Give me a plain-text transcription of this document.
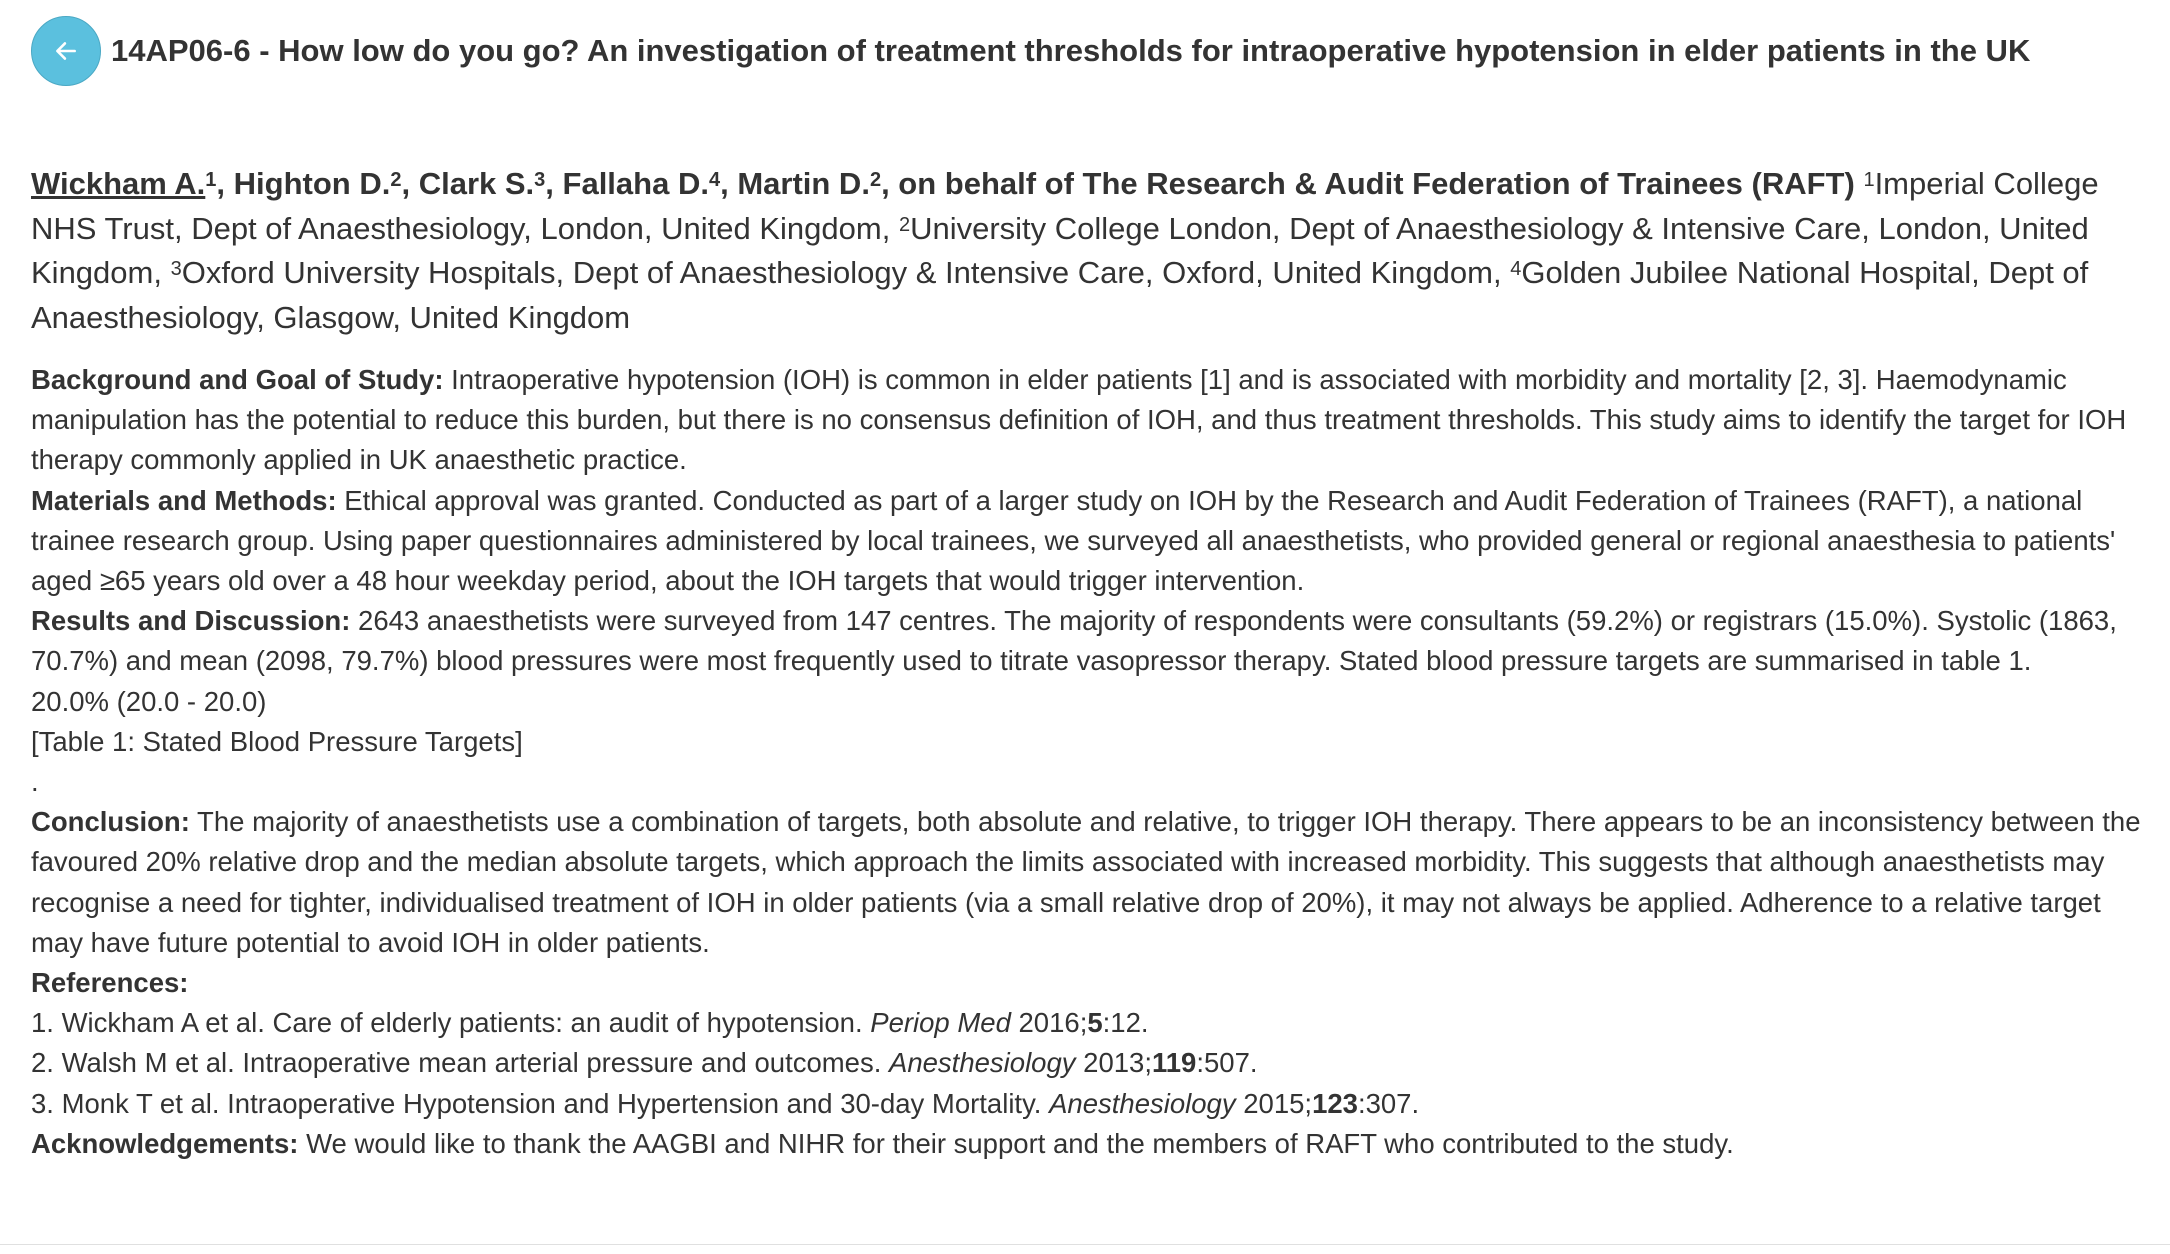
14AP06-6 - How low do you go? An investigation of treatment thresholds for intraoperative hypotension in elder patients in the UK
Wickham A.$^1$, Highton D.$^2$, Clark S.$^3$, Fallaha D.$^4$, Martin D.$^2$, on behalf of The Research & Audit Federation of Trainees (RAFT) $^1$Imperial College NHS Trust, Dept of Anaesthesiology, London, United Kingdom, $^2$University College London, Dept of Anaesthesiology & Intensive Care, London, United Kingdom, $^3$Oxford University Hospitals, Dept of Anaesthesiology & Intensive Care, Oxford, United Kingdom, $^4$Golden Jubilee National Hospital, Dept of Anaesthesiology, Glasgow, United Kingdom

Background and Goal of Study: Intraoperative hypotension (IOH) is common in elder patients [1] and is associated with morbidity and mortality [2, 3]. Haemodynamic manipulation has the potential to reduce this burden, but there is no consensus definition of IOH, and thus treatment thresholds. This study aims to identify the target for IOH therapy commonly applied in UK anaesthetic practice.

Materials and Methods: Ethical approval was granted. Conducted as part of a larger study on IOH by the Research and Audit Federation of Trainees (RAFT), a national trainee research group. Using paper questionnaires administered by local trainees, we surveyed all anaesthetists, who provided general or regional anaesthesia to patients' aged ≥65 years old over a 48 hour weekday period, about the IOH targets that would trigger intervention.

Results and Discussion: 2643 anaesthetists were surveyed from 147 centres. The majority of respondents were consultants (59.2%) or registrars (15.0%). Systolic (1863, 70.7%) and mean (2098, 79.7%) blood pressures were most frequently used to titrate vasopressor therapy. Stated blood pressure targets are summarised in table 1.

20.0% (20.0 - 20.0)

[Table 1: Stated Blood Pressure Targets]

.

Conclusion: The majority of anaesthetists use a combination of targets, both absolute and relative, to trigger IOH therapy. There appears to be an inconsistency between the favoured 20% relative drop and the median absolute targets, which approach the limits associated with increased morbidity. This suggests that although anaesthetists may recognise a need for tighter, individualised treatment of IOH in older patients (via a small relative drop of 20%), it may not always be applied. Adherence to a relative target may have future potential to avoid IOH in older patients.

References:

1. Wickham A et al. Care of elderly patients: an audit of hypotension. Periop Med 2016;5:12.

2. Walsh M et al. Intraoperative mean arterial pressure and outcomes. Anesthesiology 2013;119:507.

3. Monk T et al. Intraoperative Hypotension and Hypertension and 30-day Mortality. Anesthesiology 2015;123:307.

Acknowledgements: We would like to thank the AAGBI and NIHR for their support and the members of RAFT who contributed to the study.
